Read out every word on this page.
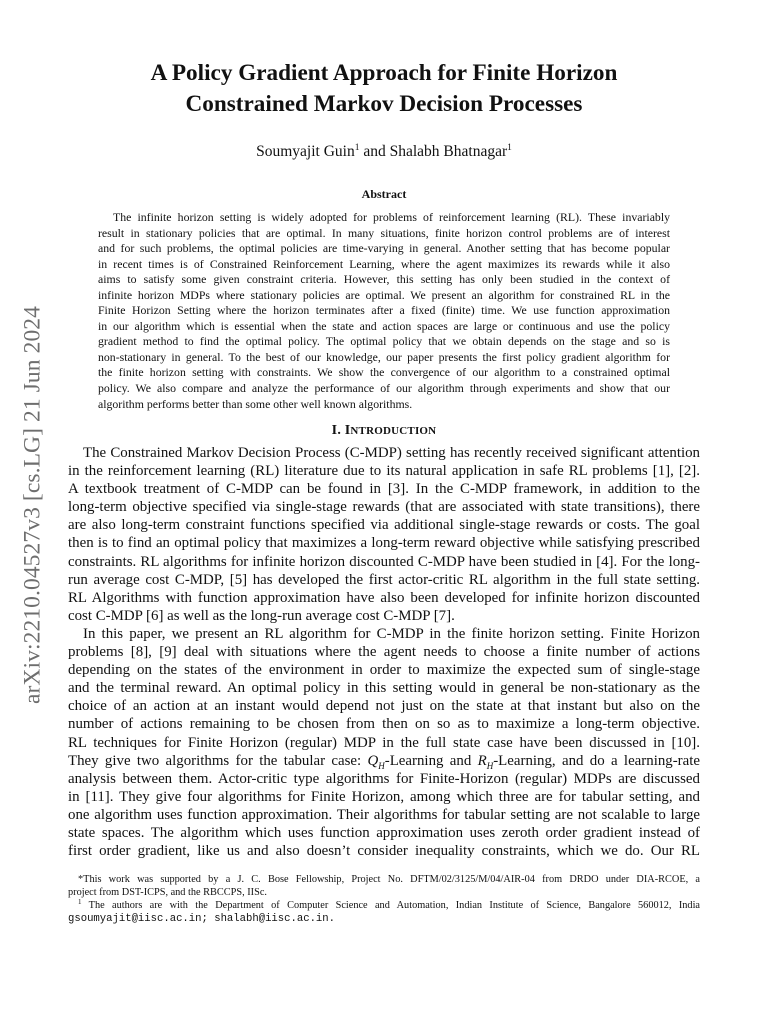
arXiv:2210.04527v3 [cs.LG] 21 Jun 2024
A Policy Gradient Approach for Finite Horizon
Constrained Markov Decision Processes

Soumyajit Guin$^1$ and Shalabh Bhatnagar$^1$

Abstract
The infinite horizon setting is widely adopted for problems of reinforcement learning (RL). These invariably
result in stationary policies that are optimal. In many situations, finite horizon control problems are of interest
and for such problems, the optimal policies are time-varying in general. Another setting that has become popular
in recent times is of Constrained Reinforcement Learning, where the agent maximizes its rewards while it also
aims to satisfy some given constraint criteria. However, this setting has only been studied in the context of
infinite horizon MDPs where stationary policies are optimal. We present an algorithm for constrained RL in the
Finite Horizon Setting where the horizon terminates after a fixed (finite) time. We use function approximation
in our algorithm which is essential when the state and action spaces are large or continuous and use the policy
gradient method to find the optimal policy. The optimal policy that we obtain depends on the stage and so is
non-stationary in general. To the best of our knowledge, our paper presents the first policy gradient algorithm for
the finite horizon setting with constraints. We show the convergence of our algorithm to a constrained optimal
policy. We also compare and analyze the performance of our algorithm through experiments and show that our
algorithm performs better than some other well known algorithms.
I. INTRODUCTION
The Constrained Markov Decision Process (C-MDP) setting has recently received significant attention
in the reinforcement learning (RL) literature due to its natural application in safe RL problems [1], [2].
A textbook treatment of C-MDP can be found in [3]. In the C-MDP framework, in addition to the
long-term objective specified via single-stage rewards (that are associated with state transitions), there
are also long-term constraint functions specified via additional single-stage rewards or costs. The goal
then is to find an optimal policy that maximizes a long-term reward objective while satisfying prescribed
constraints. RL algorithms for infinite horizon discounted C-MDP have been studied in [4]. For the long-
run average cost C-MDP, [5] has developed the first actor-critic RL algorithm in the full state setting.
RL Algorithms with function approximation have also been developed for infinite horizon discounted
cost C-MDP [6] as well as the long-run average cost C-MDP [7].
In this paper, we present an RL algorithm for C-MDP in the finite horizon setting. Finite Horizon
problems [8], [9] deal with situations where the agent needs to choose a finite number of actions
depending on the states of the environment in order to maximize the expected sum of single-stage
and the terminal reward. An optimal policy in this setting would in general be non-stationary as the
choice of an action at an instant would depend not just on the state at that instant but also on the
number of actions remaining to be chosen from then on so as to maximize a long-term objective.
RL techniques for Finite Horizon (regular) MDP in the full state case have been discussed in [10].
They give two algorithms for the tabular case: $Q_H$-Learning and $R_H$-Learning, and do a learning-rate
analysis between them. Actor-critic type algorithms for Finite-Horizon (regular) MDPs are discussed
in [11]. They give four algorithms for Finite Horizon, among which three are for tabular setting, and
one algorithm uses function approximation. Their algorithms for tabular setting are not scalable to large
state spaces. The algorithm which uses function approximation uses zeroth order gradient instead of
first order gradient, like us and also doesn’t consider inequality constraints, which we do. Our RL
*This work was supported by a J. C. Bose Fellowship, Project No. DFTM/02/3125/M/04/AIR-04 from DRDO under DIA-RCOE, a
project from DST-ICPS, and the RBCCPS, IISc.
$^1$ The authors are with the Department of Computer Science and Automation, Indian Institute of Science, Bangalore 560012, India
gsoumyajit@iisc.ac.in; shalabh@iisc.ac.in.
